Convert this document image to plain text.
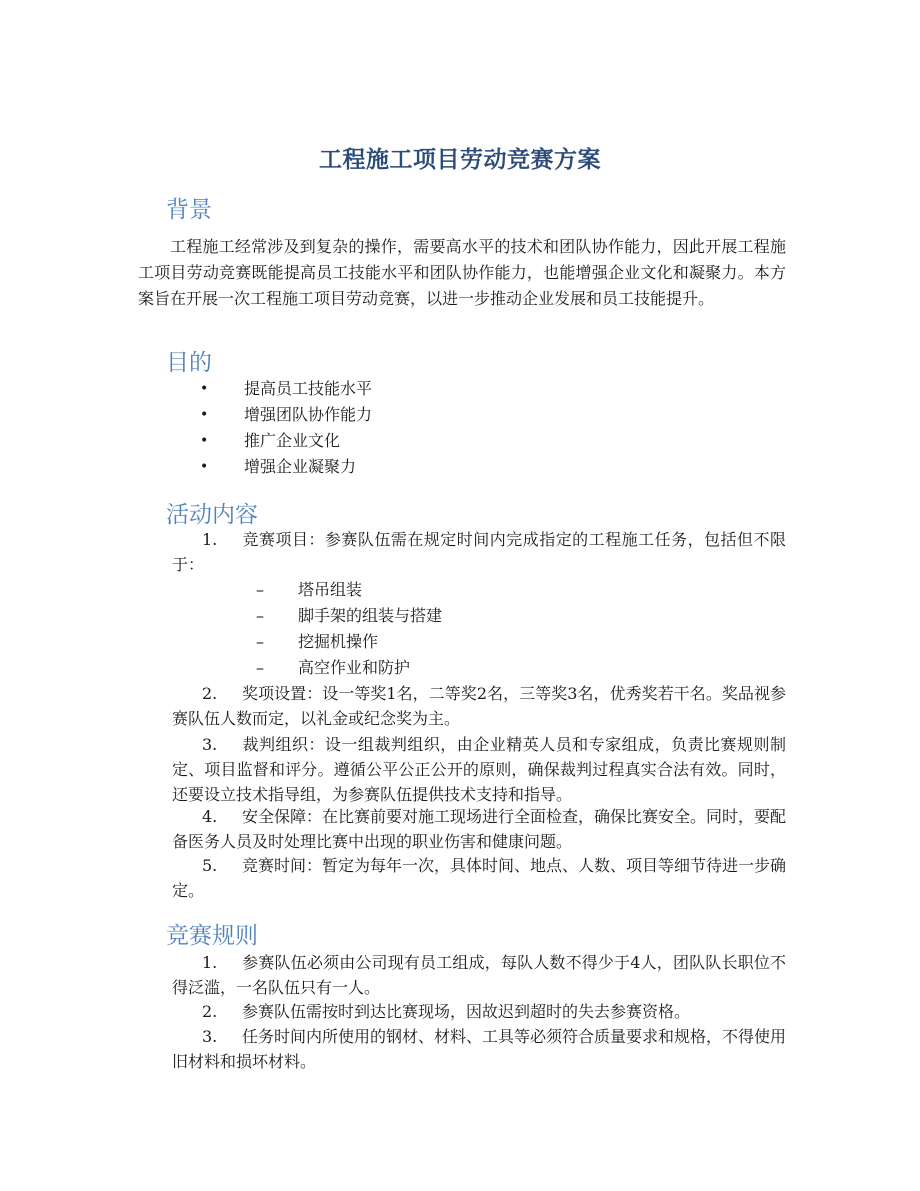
工程施工项目劳动竞赛方案
背景

工程施工经常涉及到复杂的操作，需要高水平的技术和团队协作能力，因此开展工程施工项目劳动竞赛既能提高员工技能水平和团队协作能力，也能增强企业文化和凝聚力。本方案旨在开展一次工程施工项目劳动竞赛，以进一步推动企业发展和员工技能提升。

目的
• 提高员工技能水平
• 增强团队协作能力
• 推广企业文化
• 增强企业凝聚力
活动内容
1. 竞赛项目：参赛队伍需在规定时间内完成指定的工程施工任务，包括但不限于：
– 塔吊组装
– 脚手架的组装与搭建
– 挖掘机操作
– 高空作业和防护
2. 奖项设置：设一等奖1名，二等奖2名，三等奖3名，优秀奖若干名。奖品视参赛队伍人数而定，以礼金或纪念奖为主。
3. 裁判组织：设一组裁判组织，由企业精英人员和专家组成，负责比赛规则制定、项目监督和评分。遵循公平公正公开的原则，确保裁判过程真实合法有效。同时，还要设立技术指导组，为参赛队伍提供技术支持和指导。
4. 安全保障：在比赛前要对施工现场进行全面检查，确保比赛安全。同时，要配备医务人员及时处理比赛中出现的职业伤害和健康问题。
5. 竞赛时间：暂定为每年一次，具体时间、地点、人数、项目等细节待进一步确定。
竞赛规则
1. 参赛队伍必须由公司现有员工组成，每队人数不得少于4人，团队队长职位不得泛滥，一名队伍只有一人。
2. 参赛队伍需按时到达比赛现场，因故迟到超时的失去参赛资格。
3. 任务时间内所使用的钢材、材料、工具等必须符合质量要求和规格，不得使用旧材料和损坏材料。
